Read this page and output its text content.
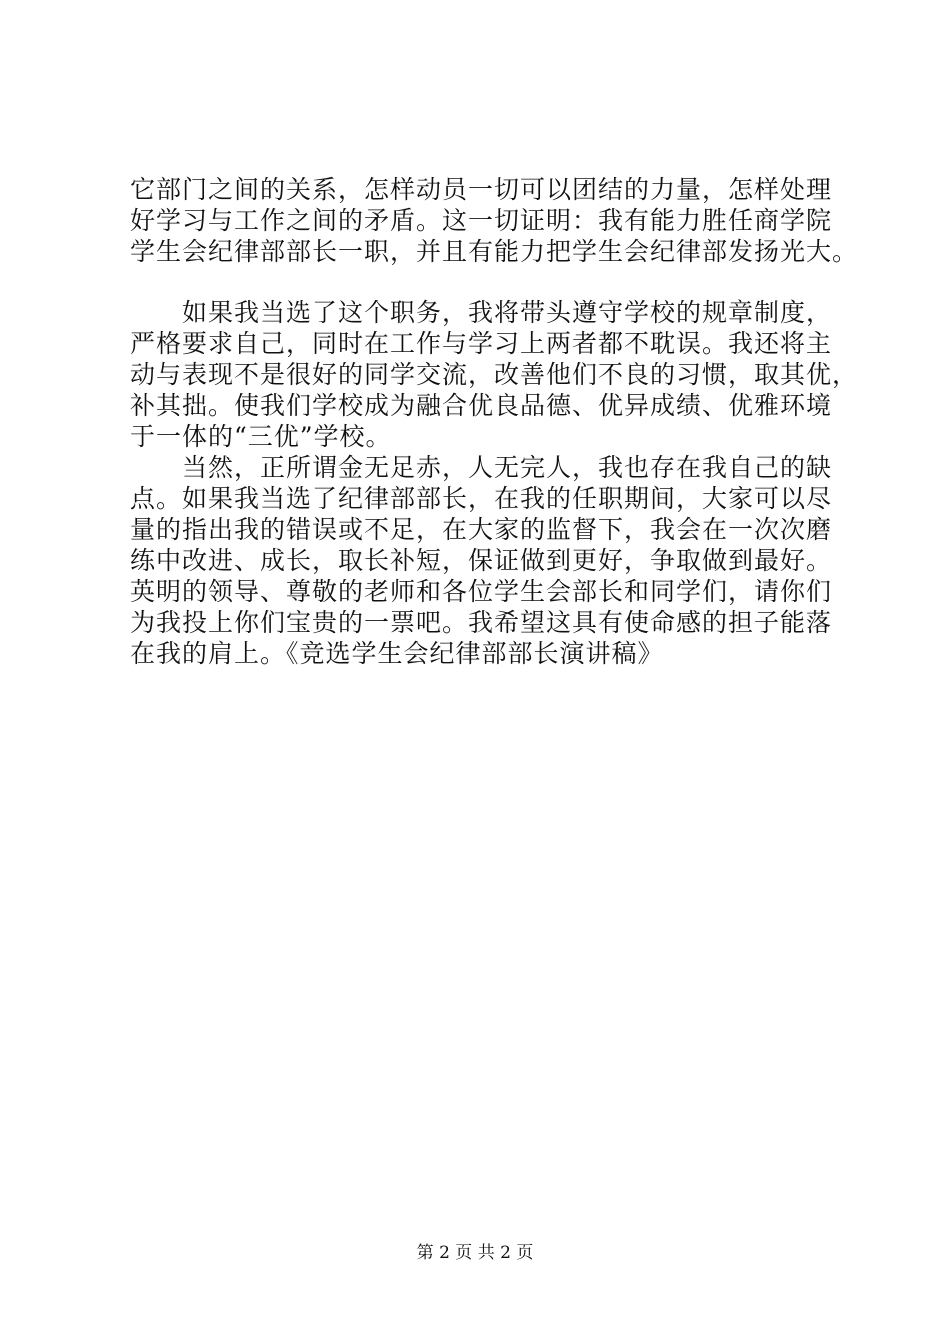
它部门之间的关系，怎样动员一切可以团结的力量，怎样处理
好学习与工作之间的矛盾。这一切证明：我有能力胜任商学院
学生会纪律部部长一职，并且有能力把学生会纪律部发扬光大。
如果我当选了这个职务，我将带头遵守学校的规章制度，
严格要求自己，同时在工作与学习上两者都不耽误。我还将主
动与表现不是很好的同学交流，改善他们不良的习惯，取其优，
补其拙。使我们学校成为融合优良品德、优异成绩、优雅环境
于一体的“三优”学校。
当然，正所谓金无足赤，人无完人，我也存在我自己的缺
点。如果我当选了纪律部部长，在我的任职期间，大家可以尽
量的指出我的错误或不足，在大家的监督下，我会在一次次磨
练中改进、成长，取长补短，保证做到更好，争取做到最好。
英明的领导、尊敬的老师和各位学生会部长和同学们，请你们
为我投上你们宝贵的一票吧。我希望这具有使命感的担子能落
在我的肩上。《竞选学生会纪律部部长演讲稿》
第 2 页 共 2 页
